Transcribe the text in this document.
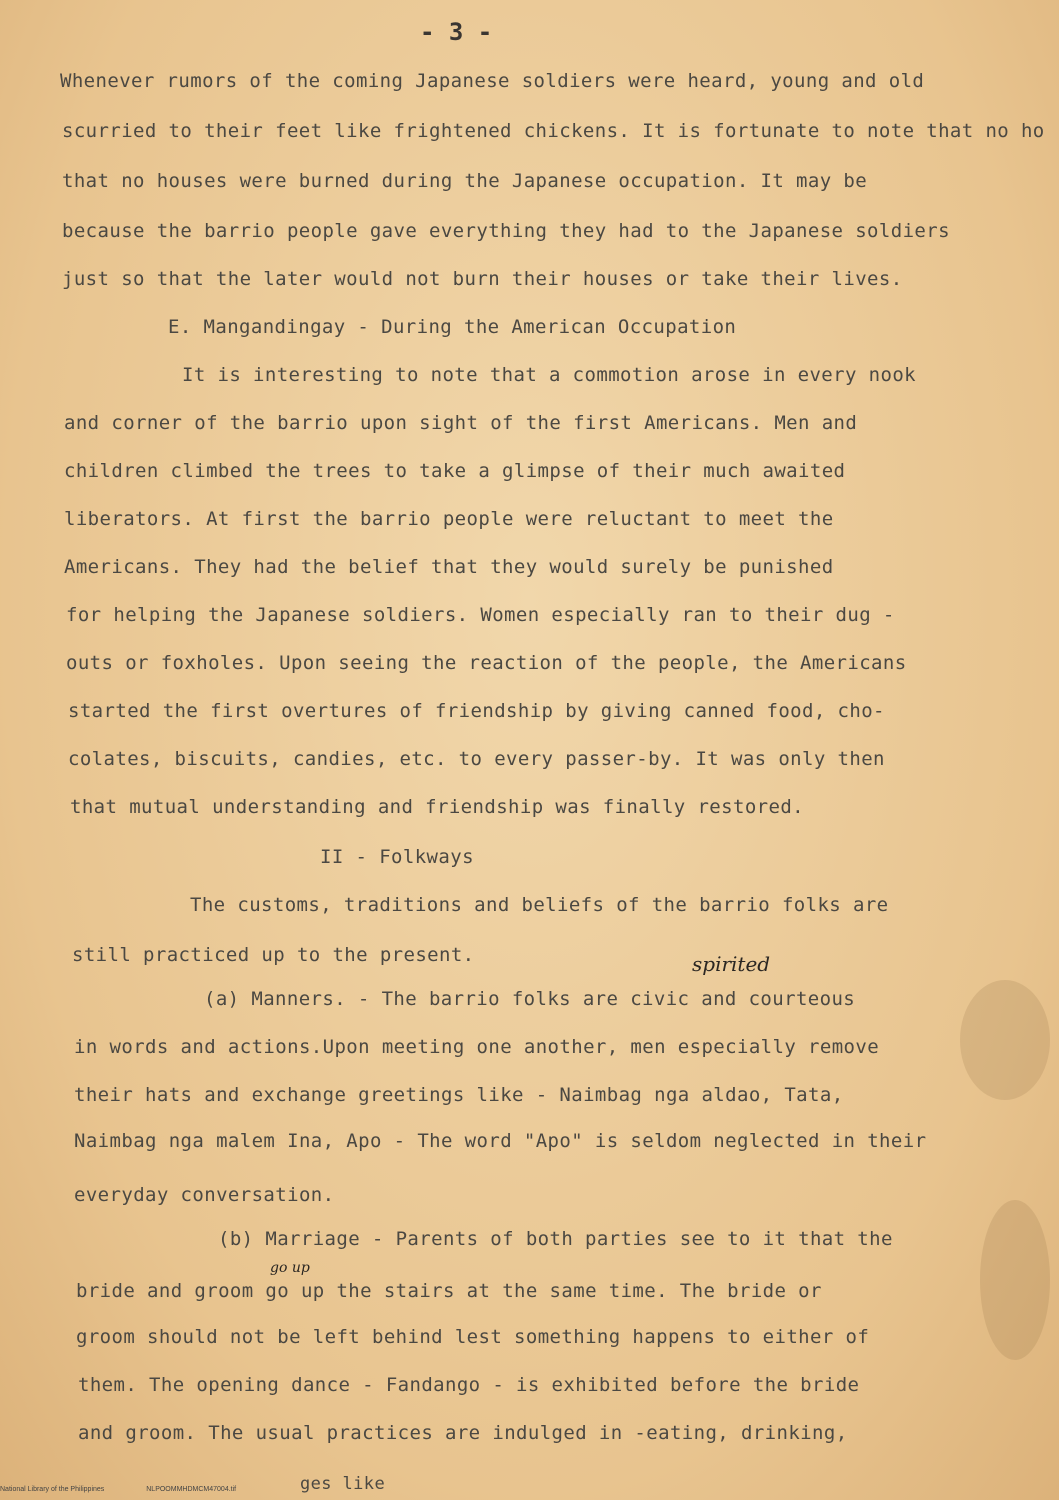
- 3 -
Whenever rumors of the coming Japanese soldiers were heard, young and old
scurried to their feet like frightened chickens. It is fortunate to note that no ho
that no houses were burned during the Japanese occupation. It may be
because the barrio people gave everything they had to the Japanese soldiers
just so that the later would not burn their houses or take their lives.
E. Mangandingay - During the American Occupation
It is interesting to note that a commotion arose in every nook
and corner of the barrio upon sight of the first Americans. Men and
children climbed the trees to take a glimpse of their much awaited
liberators. At first the barrio people were reluctant to meet the
Americans. They had the belief that they would surely be punished
for helping the Japanese soldiers. Women especially ran to their dug -
outs or foxholes. Upon seeing the reaction of the people, the Americans
started the first overtures of friendship by giving canned food, cho-
colates, biscuits, candies, etc. to every passer-by. It was only then
that mutual understanding and friendship was finally restored.
II - Folkways
The customs, traditions and beliefs of the barrio folks are
still practiced up to the present.
(a) Manners. - The barrio folks are civic and courteous
in words and actions.Upon meeting one another, men especially remove
their hats and exchange greetings like - Naimbag nga aldao, Tata,
Naimbag nga malem Ina, Apo - The word "Apo" is seldom neglected in their
everyday conversation.
(b) Marriage - Parents of both parties see to it that the
bride and groom go up the stairs at the same time. The bride or
groom should not be left behind lest something happens to either of
them. The opening dance - Fandango - is exhibited before the bride
and groom. The usual practices are indulged in -eating, drinking,
ges like
spirited
go up
National Library of the Philippines	NLPOOMMHDMCM47004.tif
